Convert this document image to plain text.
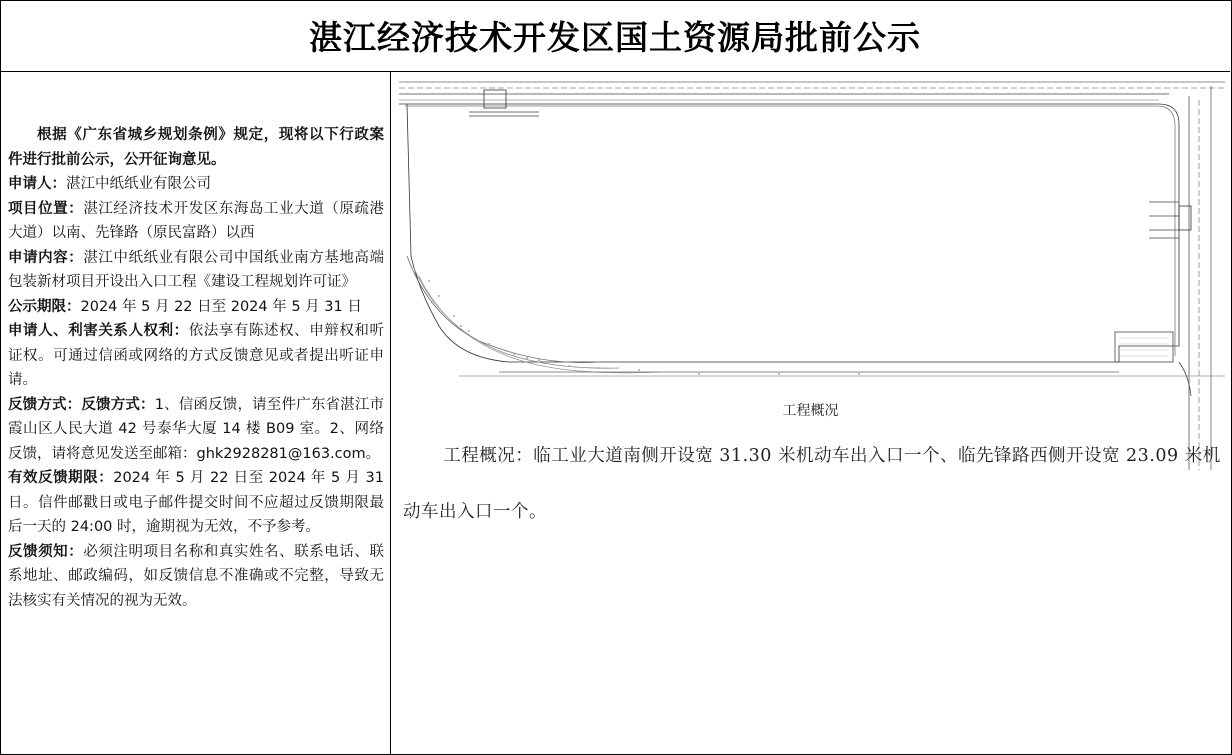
湛江经济技术开发区国土资源局批前公示

根据《广东省城乡规划条例》规定，现将以下行政案件进行批前公示，公开征询意见。

申请人：湛江中纸纸业有限公司

项目位置：湛江经济技术开发区东海岛工业大道（原疏港大道）以南、先锋路（原民富路）以西

申请内容：湛江中纸纸业有限公司中国纸业南方基地高端包装新材项目开设出入口工程《建设工程规划许可证》

公示期限：2024 年 5 月 22 日至 2024 年 5 月 31 日

申请人、利害关系人权利：依法享有陈述权、申辩权和听证权。可通过信函或网络的方式反馈意见或者提出听证申请。

反馈方式：反馈方式：1、信函反馈，请至件广东省湛江市霞山区人民大道 42 号泰华大厦 14 楼 B09 室。2、网络反馈，请将意见发送至邮箱：ghk2928281@163.com。

有效反馈期限：2024 年 5 月 22 日至 2024 年 5 月 31 日。信件邮戳日或电子邮件提交时间不应超过反馈期限最后一天的 24:00 时，逾期视为无效，不予参考。

反馈须知：必须注明项目名称和真实姓名、联系电话、联系地址、邮政编码，如反馈信息不准确或不完整，导致无法核实有关情况的视为无效。

工程概况
工程概况：临工业大道南侧开设宽 31.30 米机动车出入口一个、临先锋路西侧开设宽 23.09 米机动车出入口一个。
